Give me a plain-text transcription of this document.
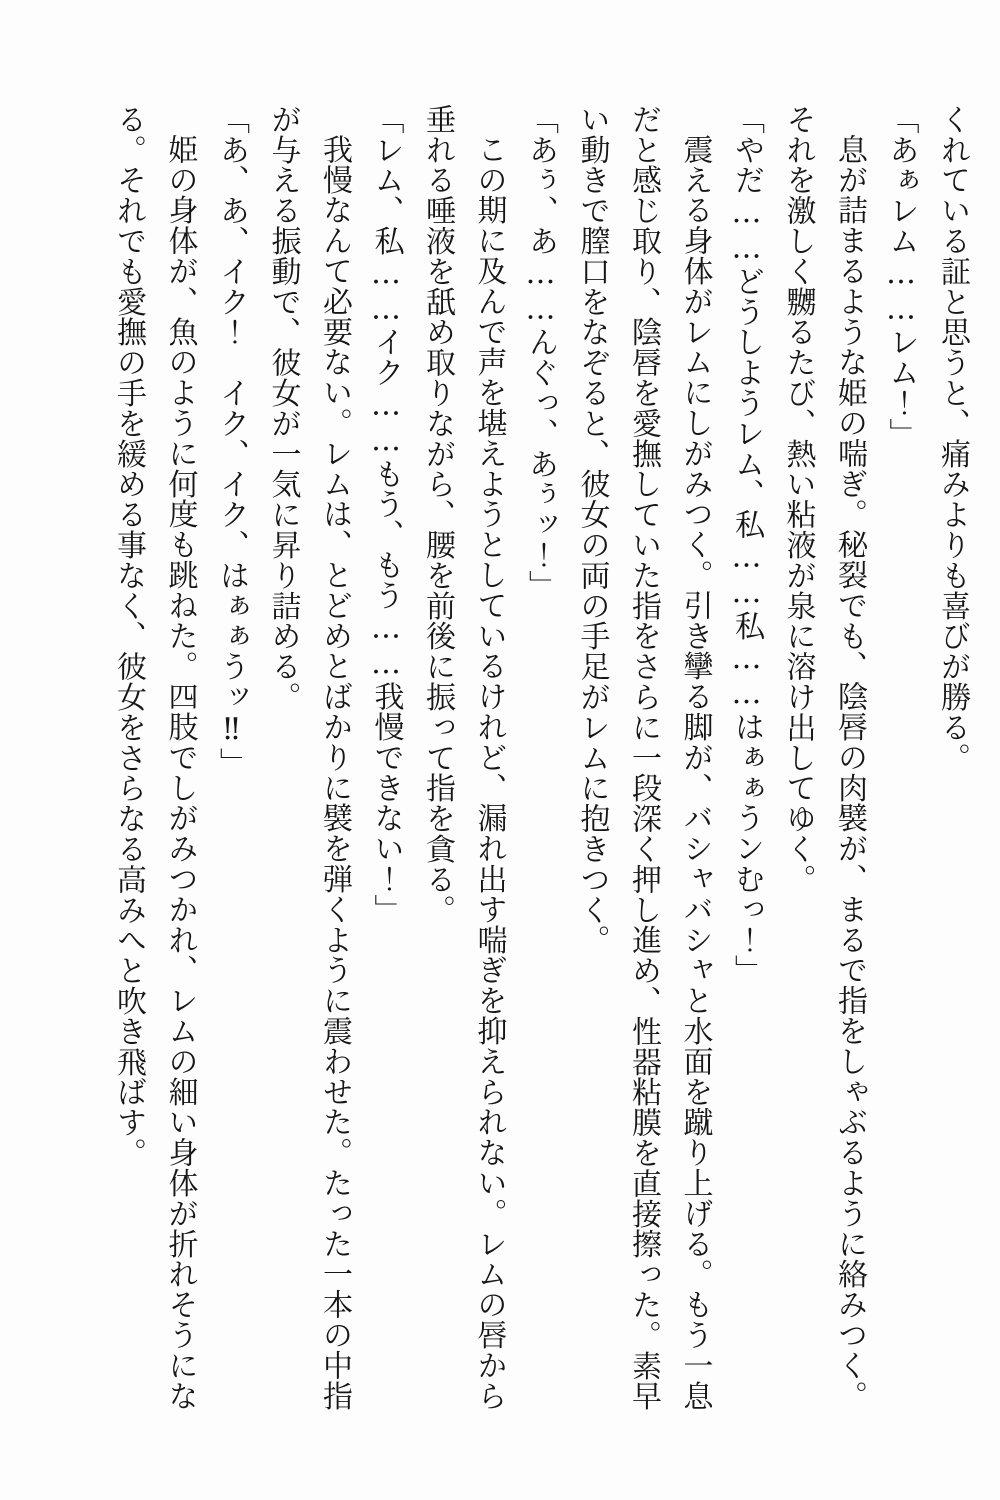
くれている証と思うと、痛みよりも喜びが勝る。

「あぁレム……レム！」

息が詰まるような姫の喘ぎ。秘裂でも、陰唇の肉襞が、まるで指をしゃぶるように絡みつく。それを激しく嬲るたび、熱い粘液が泉に溶け出してゆく。

「やだ……どうしようレム、私……私……はぁぁうンむっ！」

震える身体がレムにしがみつく。引き攣る脚が、バシャバシャと水面を蹴り上げる。もう一息だと感じ取り、陰唇を愛撫していた指をさらに一段深く押し進め、性器粘膜を直接擦った。素早い動きで膣口をなぞると、彼女の両の手足がレムに抱きつく。

「あぅ、あ……んぐっ、あぅッ！」

この期に及んで声を堪えようとしているけれど、漏れ出す喘ぎを抑えられない。レムの唇から垂れる唾液を舐め取りながら、腰を前後に振って指を貪る。

「レム、私……イク……もう、もう……我慢できない！」

我慢なんて必要ない。レムは、とどめとばかりに襞を弾くように震わせた。たった一本の中指が与える振動で、彼女が一気に昇り詰める。

「あ、あ、イク！　イク、イク、はぁぁうッ‼」

姫の身体が、魚のように何度も跳ねた。四肢でしがみつかれ、レムの細い身体が折れそうになる。それでも愛撫の手を緩める事なく、彼女をさらなる高みへと吹き飛ばす。
